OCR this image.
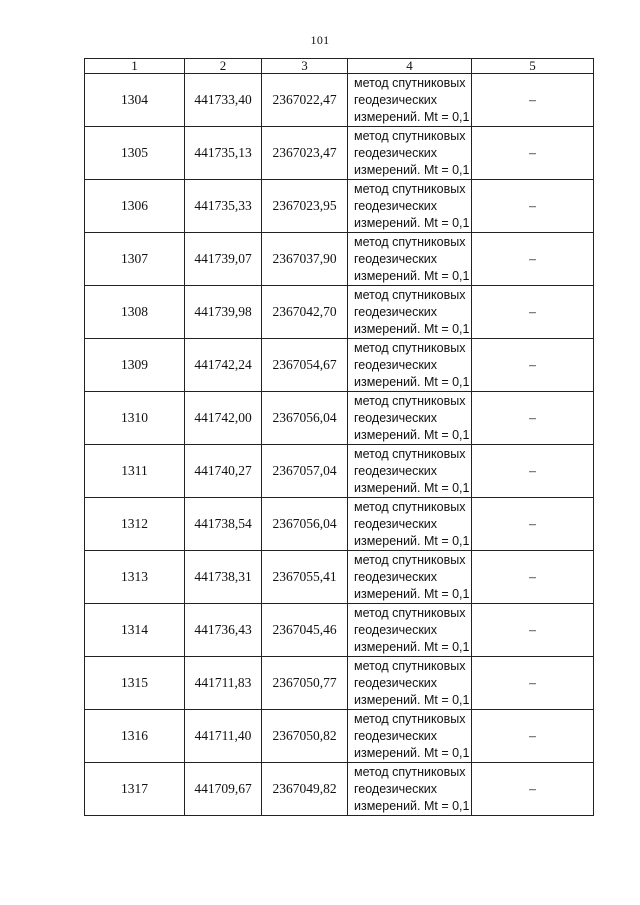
101
1	2	3	4	5
1304	441733,40	2367022,47	метод спутниковых
геодезических
измерений. Mt = 0,1	–
1305	441735,13	2367023,47	метод спутниковых
геодезических
измерений. Mt = 0,1	–
1306	441735,33	2367023,95	метод спутниковых
геодезических
измерений. Mt = 0,1	–
1307	441739,07	2367037,90	метод спутниковых
геодезических
измерений. Mt = 0,1	–
1308	441739,98	2367042,70	метод спутниковых
геодезических
измерений. Mt = 0,1	–
1309	441742,24	2367054,67	метод спутниковых
геодезических
измерений. Mt = 0,1	–
1310	441742,00	2367056,04	метод спутниковых
геодезических
измерений. Mt = 0,1	–
1311	441740,27	2367057,04	метод спутниковых
геодезических
измерений. Mt = 0,1	–
1312	441738,54	2367056,04	метод спутниковых
геодезических
измерений. Mt = 0,1	–
1313	441738,31	2367055,41	метод спутниковых
геодезических
измерений. Mt = 0,1	–
1314	441736,43	2367045,46	метод спутниковых
геодезических
измерений. Mt = 0,1	–
1315	441711,83	2367050,77	метод спутниковых
геодезических
измерений. Mt = 0,1	–
1316	441711,40	2367050,82	метод спутниковых
геодезических
измерений. Mt = 0,1	–
1317	441709,67	2367049,82	метод спутниковых
геодезических
измерений. Mt = 0,1	–
